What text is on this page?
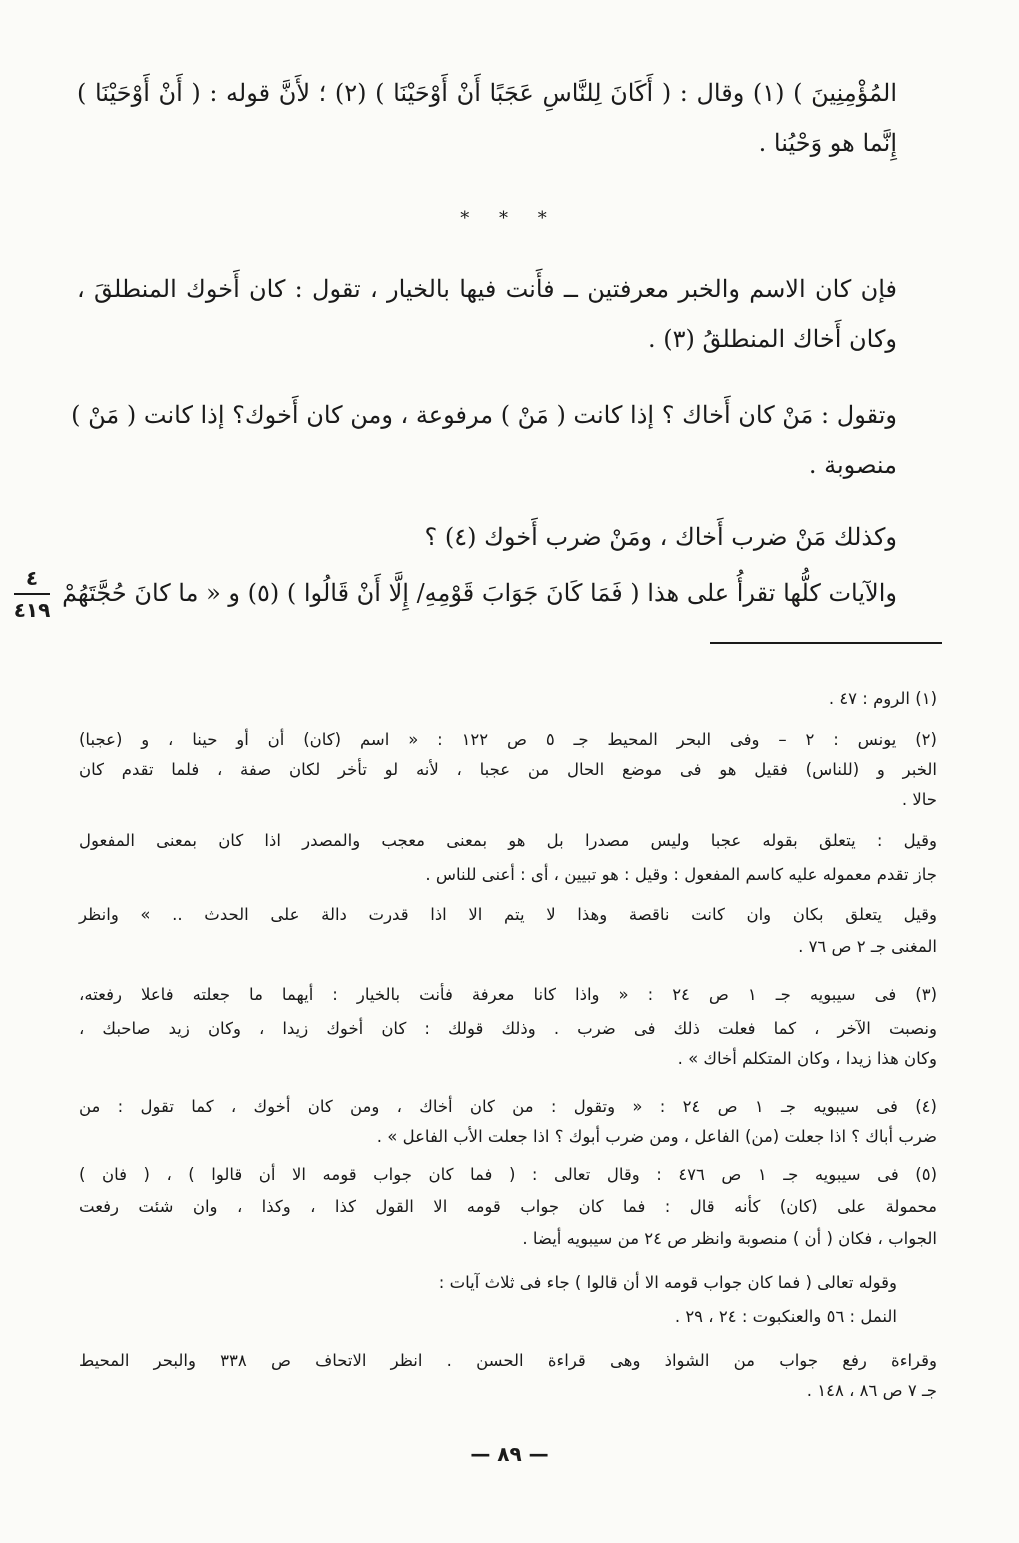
المُؤْمِنِينَ ) (١) وقال : ( أَكَانَ لِلنَّاسِ عَجَبًا أَنْ أَوْحَيْنَا ) (٢) ؛ لأَنَّ قوله : ( أَنْ أَوْحَيْنَا )
إِنَّما هو وَحْيُنا .
* * *
فإن كان الاسم والخبر معرفتين ــ فأَنت فيها بالخيار ، تقول : كان أَخوك المنطلقَ ،
وكان أَخاك المنطلقُ (٣) .
وتقول : مَنْ كان أَخاك ؟ إذا كانت ( مَنْ ) مرفوعة ، ومن كان أَخوك؟ إذا كانت ( مَنْ )
منصوبة .
وكذلك مَنْ ضرب أَخاك ، ومَنْ ضرب أَخوك (٤) ؟
والآيات كلُّها تقرأُ على هذا ( فَمَا كَانَ جَوَابَ قَوْمِهِ/ إِلَّا أَنْ قَالُوا ) (٥) و « ما كانَ حُجَّتَهُمْ
٤
٤١٩
(١) الروم : ٤٧ .
(٢) يونس : ٢ – وفى البحر المحيط جـ ٥ ص ١٢٢ : « اسم (كان) أن أو حينا ، و (عجبا)
الخبر و (للناس) فقيل هو فى موضع الحال من عجبا ، لأنه لو تأخر لكان صفة ، فلما تقدم كان
حالا .
وقيل : يتعلق بقوله عجبا وليس مصدرا بل هو بمعنى معجب والمصدر اذا كان بمعنى المفعول
جاز تقدم معموله عليه كاسم المفعول : وقيل : هو تبيين ، أى : أعنى للناس .
وقيل يتعلق بكان وان كانت ناقصة وهذا لا يتم الا اذا قدرت دالة على الحدث .. » وانظر
المغنى جـ ٢ ص ٧٦ .
(٣) فى سيبويه جـ ١ ص ٢٤ : « واذا كانا معرفة فأنت بالخيار : أيهما ما جعلته فاعلا رفعته،
ونصبت الآخر ، كما فعلت ذلك فى ضرب . وذلك قولك : كان أخوك زيدا ، وكان زيد صاحبك ،
وكان هذا زيدا ، وكان المتكلم أخاك » .
(٤) فى سيبويه جـ ١ ص ٢٤ : « وتقول : من كان أخاك ، ومن كان أخوك ، كما تقول : من
ضرب أباك ؟ اذا جعلت (من) الفاعل ، ومن ضرب أبوك ؟ اذا جعلت الأب الفاعل » .
(٥) فى سيبويه جـ ١ ص ٤٧٦ : وقال تعالى : ( فما كان جواب قومه الا أن قالوا ) ، ( فان )
محمولة على (كان) كأنه قال : فما كان جواب قومه الا القول كذا ، وكذا ، وان شئت رفعت
الجواب ، فكان ( أن ) منصوبة وانظر ص ٢٤ من سيبويه أيضا .
وقوله تعالى ( فما كان جواب قومه الا أن قالوا ) جاء فى ثلاث آيات :
النمل : ٥٦ والعنكبوت : ٢٤ ، ٢٩ .
وقراءة رفع جواب من الشواذ وهى قراءة الحسن . انظر الاتحاف ص ٣٣٨ والبحر المحيط
جـ ٧ ص ٨٦ ، ١٤٨ .
— ٨٩ —
